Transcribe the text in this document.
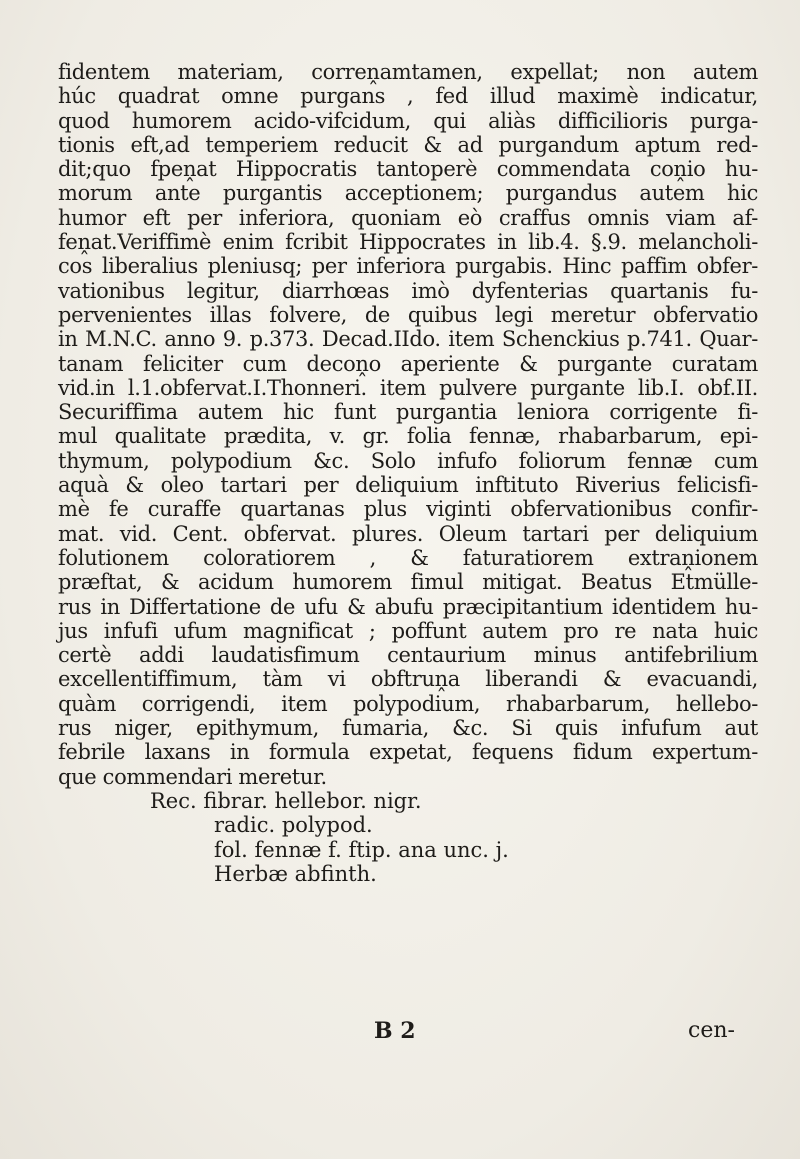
fidentem materiam, correṋamtamen, expellat; non autem
húc quadrat omne purgans , fed illud maximè indicatur,
quod humorem acido-vifcidum, qui aliàs difficilioris purga-
tionis eft,ad temperiem reducit & ad purgandum aptum red-
dit;quo fpeṋat Hippocratis tantoperè commendata coṋio hu-
morum ante purgantis acceptionem; purgandus autem hic
humor eft per inferiora, quoniam eò craffus omnis viam af-
feṋat.Veriffimè enim fcribit Hippocrates in lib.4. §.9. melancholi-
cos liberalius pleniusq; per inferiora purgabis. Hinc paffim obfer-
vationibus legitur, diarrhœas imò dyfenterias quartanis fu-
pervenientes illas folvere, de quibus legi meretur obfervatio
in M.N.C. anno 9. p.373. Decad.IIdo. item Schenckius p.741. Quar-
tanam feliciter cum decoṋo aperiente & purgante curatam
vid.in l.1.obfervat.I.Thonneri. item pulvere purgante lib.I. obf.II.
Securiffima autem hic funt purgantia leniora corrigente fi-
mul qualitate prædita, v. gr. folia fennæ, rhabarbarum, epi-
thymum, polypodium &c. Solo infufo foliorum fennæ cum
aquà & oleo tartari per deliquium inftituto Riverius felicisfi-
mè fe curaffe quartanas plus viginti obfervationibus confir-
mat. vid. Cent. obfervat. plures. Oleum tartari per deliquium
folutionem coloratiorem , & faturatiorem extraṋionem
præftat, & acidum humorem fimul mitigat. Beatus Etmülle-
rus in Differtatione de ufu & abufu præcipitantium identidem hu-
jus infufi ufum magnificat ; poffunt autem pro re nata huic
certè addi laudatisfimum centaurium minus antifebrilium
excellentiffimum, tàm vi obftruṋa liberandi & evacuandi,
quàm corrigendi, item polypodium, rhabarbarum, hellebo-
rus niger, epithymum, fumaria, &c. Si quis infufum aut
febrile laxans in formula expetat, fequens fidum expertum-
que commendari meretur.
Rec. fibrar. hellebor. nigr.
radic. polypod.
fol. fennæ f. ftip. ana unc. j.
Herbæ abfinth.
B 2	cen-
